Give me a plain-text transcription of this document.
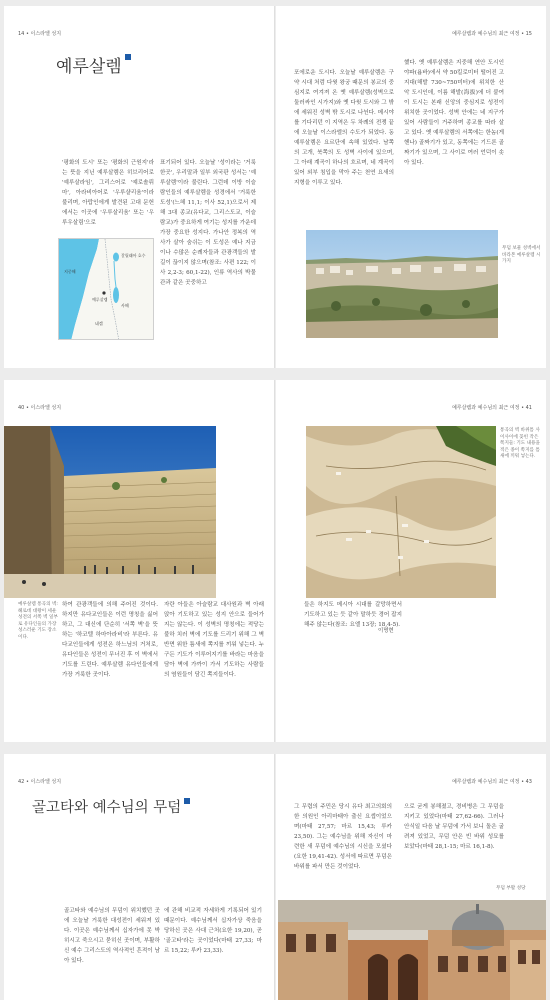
14 • 이스라엘 성지	예루살렘과 예수님의 최근 여정 • 15
예루살렘
'평화의 도시' 또는 '평화의 근원지'라는 뜻을 지닌 예루살렘은 히브리어로 '예루살라임', 그리스어로 '예로솔뤼마', 아라비아어로 '우루샬리움'이라 불리며, 아랍인에게 발견된 고대 문헌에서는 이곳에 '우루살리움' 또는 '우루우살림'으로
표기되어 있다. 오늘날 '성이라는 '거룩한곳', 우리말과 일부 외국판 성서는 '예루살렘'이라 불린다. 그런데 이방 이슬람인들의 예루살렘을 성경에서 '거룩한 도성'(느헤 11,1; 이사 52,1)으로서 제해 3대 종교(유다교, 그리스도교, 이슬람교)가 중요하게 여기는 성지를 가운데 가장 중요한 성지다. 가나안 정복의 역사가 살아 숨쉬는 이 도성은 예나 지금이나 수많은 순례자들과 관광객들의 발길이 끊이지 않으며(참조: 사편 122; 이사 2,2-3; 60,1-22), 인류 역사의 박물관과 같은 곳중하고
포에로운 도시다. 오늘날 예루살렘은 구약 시대 처럼 다윗 왕궁 때문의 봉교의 중심지로 여겨져 온 옛 예루살렘(성벽으로 둘러싸인 시가지)와 옛 다윗 도시와 그 밖에 세워진 성벽 밖 도시로 나뉜다. 메시야를 기다리던 이 지역은 두 차례의 전쟁 끝에 오늘날 이스라엘의 수도가 되었다. 동 예루살렘은 요르단에 속해 있었다. 남쪽의 고개, 북쪽의 도 성벽 사이에 있으며, 그 아래 계곡이 하나의 흐르며, 네 계곡이 있어 외부 침입을 막아 주는 천연 요새의 지형을 이루고 있다.
했다. 옛 예루살렘은 지중해 연안 도시인 야파(욥바)에서 약 50킬로미터 떨어진 고지대(해발 730~750미터)에 위치한 산악 도시인데, 이름 해발(海拔)에 더 붙여 이 도시는 본래 신앙의 중심지로 성전이 위치한 곳이었다. 성벽 안에는 네 지구가 있어 사람들이 거주하며 종교를 따라 살고 있다. 옛 예루살렘의 서쪽에는 한놈(게헨나) 골짜기가 있고, 동쪽에는 기드론 골짜기가 있으며, 그 사이로 여러 언덕이 솟아 있다.
지중해
갈릴래아 호수
예루살렘
사해
네겝
무덤 보물 성벽에서 바라본 예루살렘 시가지
40 • 이스라엘 성지	예루살렘과 예수님의 최근 여정 • 41
예루살렘 통곡의 벽: 헤로데 대왕이 세운 성전의 서쪽 벽 일부로 유다인들의 가장 성스러운 기도 장소이다.
하여 관광객들에 의해 주어진 것이다. 하지만 유다교인들은 이런 명칭을 싫어하고, 그 대신에 단순히 '서쪽 벽'을 뜻하는 '하코텔 하마아라비'라 부른다. 유다교인들에게 성전은 하느님의 거처로, 유다인들은 성전이 무너진 후 이 벽에서 기도를 드린다. 예루살렘 유다인들에게 가장 거룩한 곳이다.
자란 아들은 아슬람교 대사원과 벽 아래 앉아 기도하고 있는 성지 안으로 들어가지는 않는다. 이 성벽의 명칭에는 적당는 불하 치러 벽에 기도를 드리기 위해 그 벽 반면 위한 틈새에 쪽지를 끼워 넣는다. 누구든 기도가 이루어지기를 바라는 마음을 담아 벽에 가까이 가서 기도하는 사람들의 염원들이 담긴 쪽지들이다.
통곡의 벽 바위틈 사이사이에 꽂힌 작은 쪽지들: 기도 내용을 적은 종이 쪽지를 틈새에 끼워 넣는다.
들은 하지도 메시아 시대를 갈망하면서 기도하고 있는 듯 같아 말하듯 경어 잡지 해주 않는다(참조: 요엘 13장; 18,4-5).
이명현
42 • 이스라엘 성지	예루살렘과 예수님의 최근 여정 • 43
골고타와 예수님의 무덤
골고타와 예수님의 무덤이 위치했던 곳에 오늘날 거룩한 대성전이 세워져 있다. 이곳은 예수님께서 십자가에 못 박히시고 죽으시고 묻히신 곳이며, 부활하신 예수 그리스도의 역사적인 흔적이 남아 있다.
에 관해 비교적 자세하게 기록되어 있기 때문이다. 예수님께서 십자가상 죽음을 당하신 곳은 사대 근처(요한 19,20), 곧 '골고타'라는 곳이었다(마태 27,33; 마르 15,22; 루카 23,33).
그 무렵의 주민은 당시 유다 최고의회의 한 의원인 아리마태아 출신 요셉이었으며(마태 27,57; 마르 15,43; 루카 23,50). 그는 예수님을 위해 자신이 마련한 새 무덤에 예수님의 시신을 모셨다(요한 19,41-42). 성서에 따르면 무덤은 바위를 파서 만든 것이었다.
으로 굳게 봉해졌고, 경비병은 그 무덤을 지키고 있었다(마태 27,62-66). 그러나 안식일 다음 날 무덤에 가서 보니 돌은 굴려져 있었고, 무덤 안은 빈 바위 성묘를 보았다(마태 28,1-15; 마르 16,1-8).
무덤 부활 성당
